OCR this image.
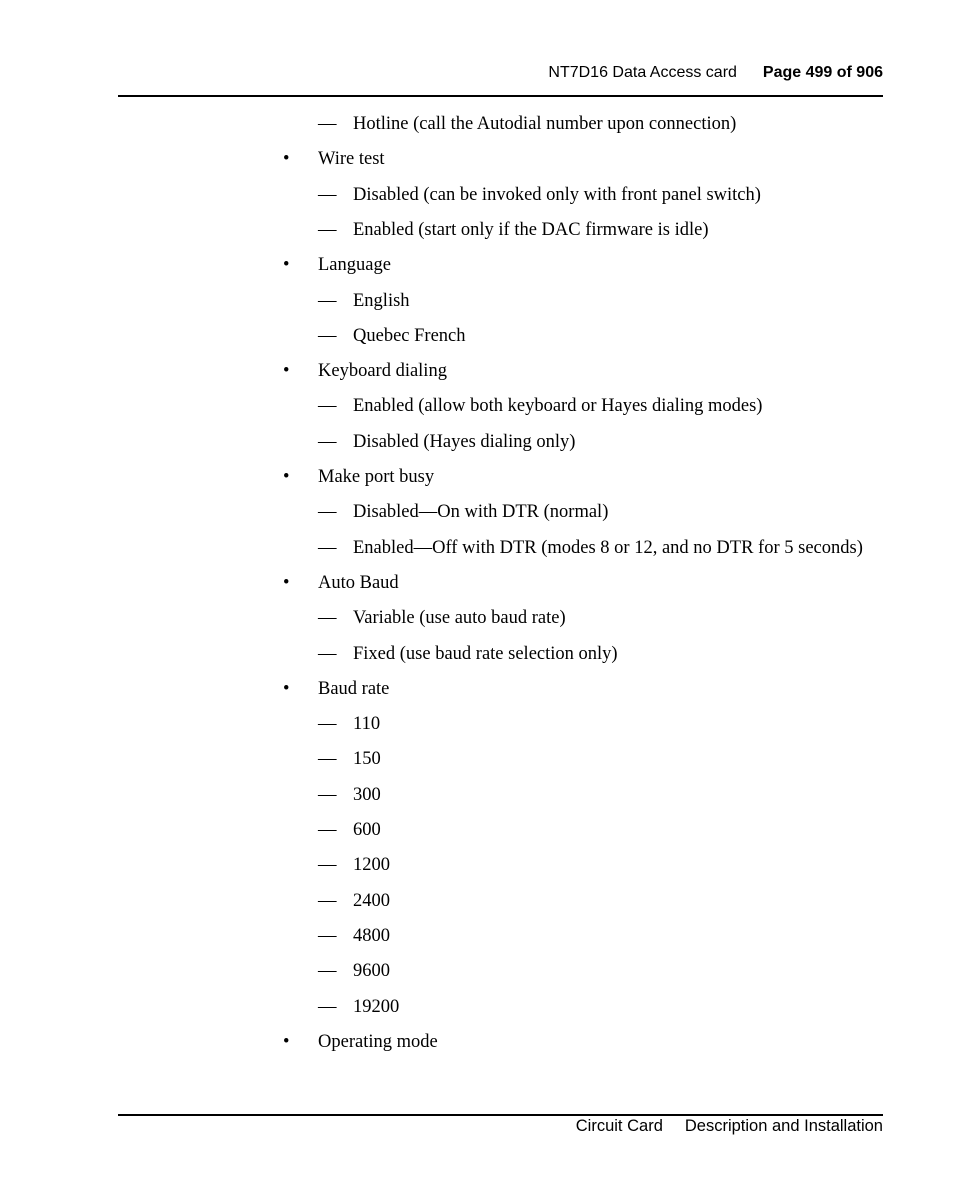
NT7D16 Data Access card Page 499 of 906
— Hotline (call the Autodial number upon connection)
• Wire test
— Disabled (can be invoked only with front panel switch)
— Enabled (start only if the DAC firmware is idle)
• Language
— English
— Quebec French
• Keyboard dialing
— Enabled (allow both keyboard or Hayes dialing modes)
— Disabled (Hayes dialing only)
• Make port busy
— Disabled—On with DTR (normal)
— Enabled—Off with DTR (modes 8 or 12, and no DTR for 5 seconds)
• Auto Baud
— Variable (use auto baud rate)
— Fixed (use baud rate selection only)
• Baud rate
— 110
— 150
— 300
— 600
— 1200
— 2400
— 4800
— 9600
— 19200
• Operating mode
Circuit Card Description and Installation
